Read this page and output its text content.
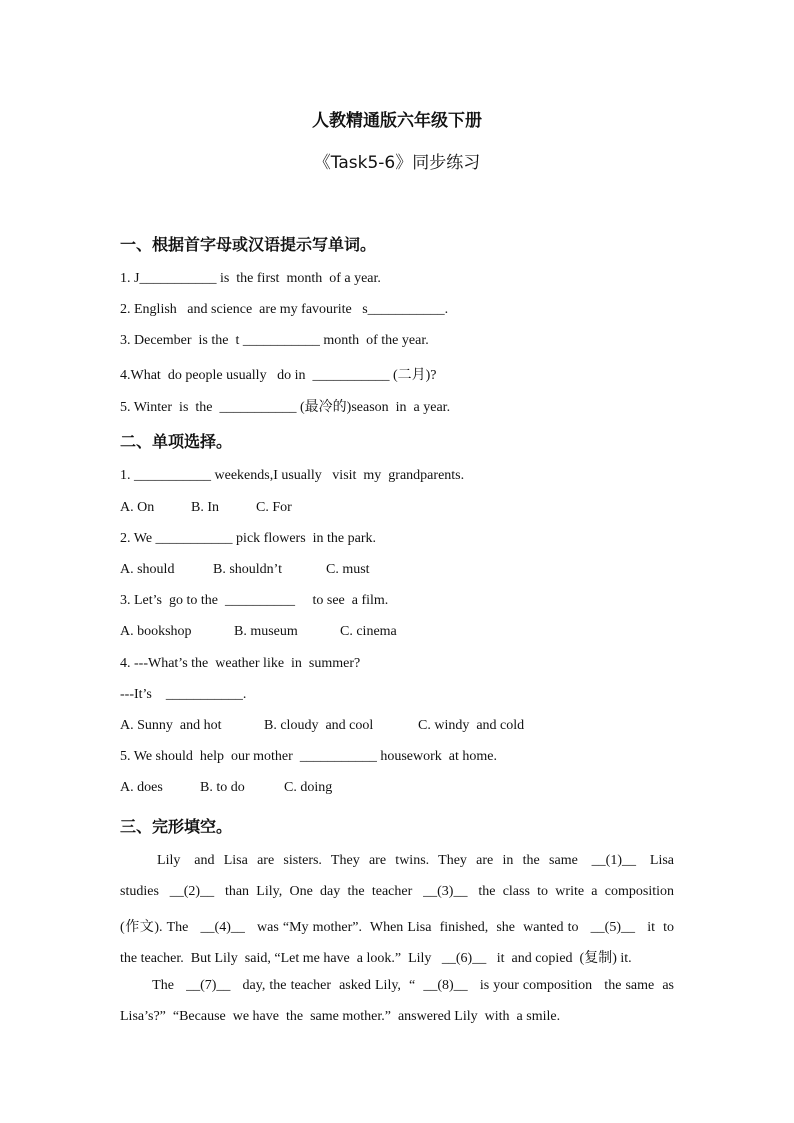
人教精通版六年级下册
《Task5-6》同步练习
一、根据首字母或汉语提示写单词。
1. J___________ is  the first  month  of a year.
2. English   and science  are my favourite   s___________.
3. December  is the  t ___________ month  of the year.
4.What  do people usually   do in  ___________ (二月)?
5. Winter  is  the  ___________ (最冷的)season  in  a year.
二、单项选择。
1. ___________ weekends,I usually   visit  my  grandparents.
A. On	B. In	C. For
2. We ___________ pick flowers  in the park.
A. should	B. shouldn’t	C. must
3. Let’s  go to the  __________     to see  a film.
A. bookshop	B. museum	C. cinema
4. ---What’s the  weather like  in  summer?
---It’s    ___________.
A. Sunny  and hot	B. cloudy  and cool	C. windy  and cold
5. We should  help  our mother  ___________ housework  at home.
A. does	B. to do	C. doing
三、完形填空。
Lily   and  Lisa  are  sisters.  They  are  twins.  They  are  in  the  same   __(1)__   Lisa
studies   __(2)__   than  Lily,  One  day  the  teacher   __(3)__   the  class  to  write  a  composition
(作文). The   __(4)__   was “My mother”.  When Lisa  finished,  she  wanted to   __(5)__   it  to
the teacher.  But Lily  said, “Let me have  a look.”  Lily   __(6)__   it  and copied  (复制) it.
The   __(7)__   day, the teacher  asked Lily,  “  __(8)__   is your composition   the same  as
Lisa’s?”  “Because  we have  the  same mother.”  answered Lily  with  a smile.
